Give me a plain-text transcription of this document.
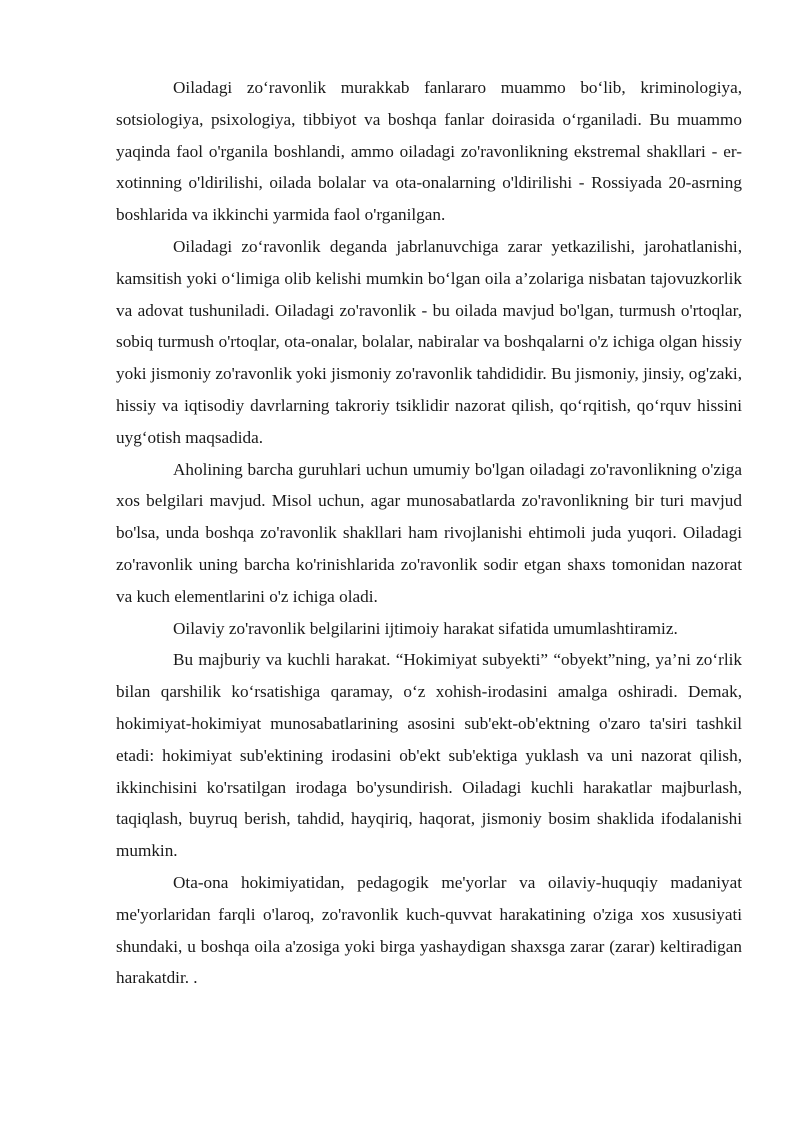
Oiladagi zo‘ravonlik murakkab fanlararo muammo bo‘lib, kriminologiya, sotsiologiya, psixologiya, tibbiyot va boshqa fanlar doirasida o‘rganiladi. Bu muammo yaqinda faol o'rganila boshlandi, ammo oiladagi zo'ravonlikning ekstremal shakllari - er-xotinning o'ldirilishi, oilada bolalar va ota-onalarning o'ldirilishi - Rossiyada 20-asrning boshlarida va ikkinchi yarmida faol o'rganilgan.

Oiladagi zo‘ravonlik deganda jabrlanuvchiga zarar yetkazilishi, jarohatlanishi, kamsitish yoki o‘limiga olib kelishi mumkin bo‘lgan oila a’zolariga nisbatan tajovuzkorlik va adovat tushuniladi. Oiladagi zo'ravonlik - bu oilada mavjud bo'lgan, turmush o'rtoqlar, sobiq turmush o'rtoqlar, ota-onalar, bolalar, nabiralar va boshqalarni o'z ichiga olgan hissiy yoki jismoniy zo'ravonlik yoki jismoniy zo'ravonlik tahdididir. Bu jismoniy, jinsiy, og'zaki, hissiy va iqtisodiy davrlarning takroriy tsiklidir nazorat qilish, qo‘rqitish, qo‘rquv hissini uyg‘otish maqsadida.

Aholining barcha guruhlari uchun umumiy bo'lgan oiladagi zo'ravonlikning o'ziga xos belgilari mavjud. Misol uchun, agar munosabatlarda zo'ravonlikning bir turi mavjud bo'lsa, unda boshqa zo'ravonlik shakllari ham rivojlanishi ehtimoli juda yuqori. Oiladagi zo'ravonlik uning barcha ko'rinishlarida zo'ravonlik sodir etgan shaxs tomonidan nazorat va kuch elementlarini o'z ichiga oladi.

Oilaviy zo'ravonlik belgilarini ijtimoiy harakat sifatida umumlashtiramiz.

Bu majburiy va kuchli harakat. “Hokimiyat subyekti” “obyekt”ning, ya’ni zo‘rlik bilan qarshilik ko‘rsatishiga qaramay, o‘z xohish-irodasini amalga oshiradi. Demak, hokimiyat-hokimiyat munosabatlarining asosini sub'ekt-ob'ektning o'zaro ta'siri tashkil etadi: hokimiyat sub'ektining irodasini ob'ekt sub'ektiga yuklash va uni nazorat qilish, ikkinchisini ko'rsatilgan irodaga bo'ysundirish. Oiladagi kuchli harakatlar majburlash, taqiqlash, buyruq berish, tahdid, hayqiriq, haqorat, jismoniy bosim shaklida ifodalanishi mumkin.

Ota-ona hokimiyatidan, pedagogik me'yorlar va oilaviy-huquqiy madaniyat me'yorlaridan farqli o'laroq, zo'ravonlik kuch-quvvat harakatining o'ziga xos xususiyati shundaki, u boshqa oila a'zosiga yoki birga yashaydigan shaxsga zarar (zarar) keltiradigan harakatdir. .
